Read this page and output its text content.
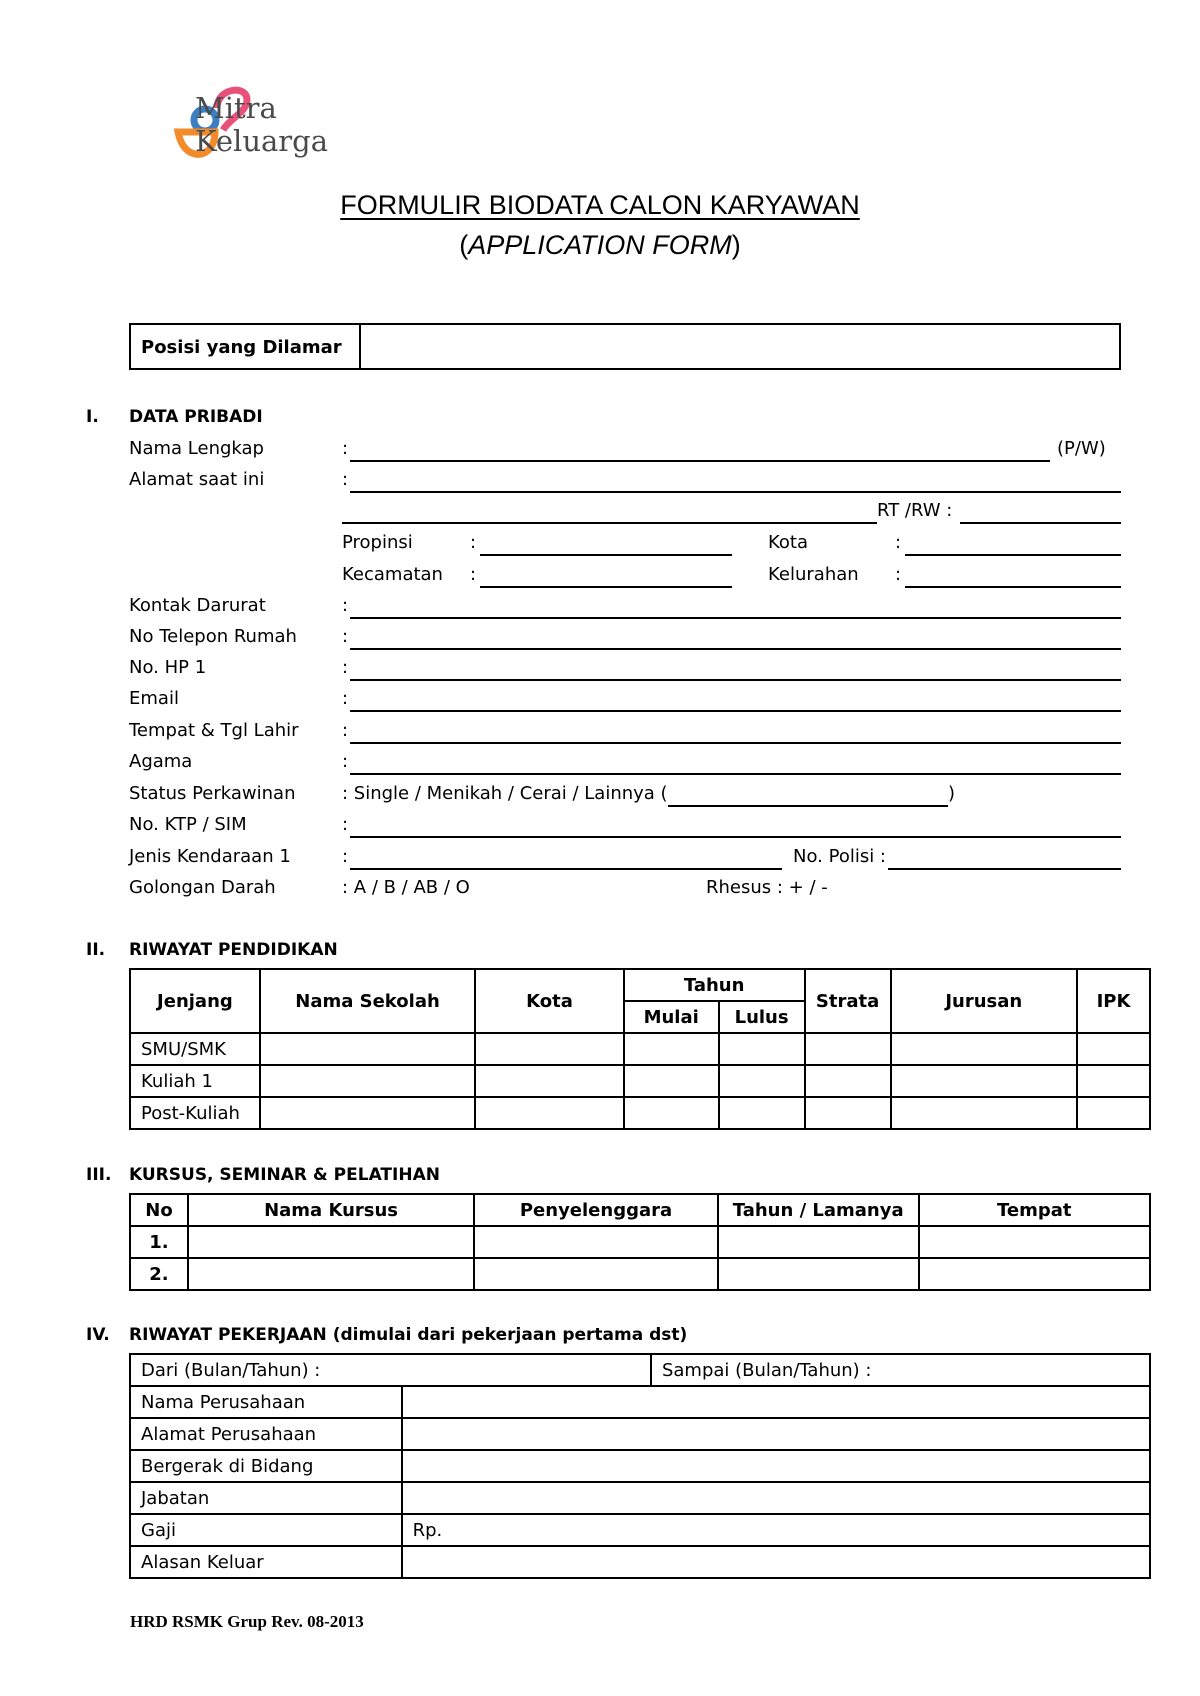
Mitra
Keluarga
FORMULIR BIODATA CALON KARYAWAN
(APPLICATION FORM)
Posisi yang Dilamar
I. DATA PRIBADI
Nama Lengkap	:	(P/W)
Alamat saat ini	:
RT /RW :
Propinsi	:	Kota	:
Kecamatan :	Kelurahan :
Kontak Darurat	:
No Telepon Rumah	:
No. HP 1	:
Email	:
Tempat & Tgl Lahir :
Agama	:
Status Perkawinan	: Single / Menikah / Cerai / Lainnya (	)
No. KTP / SIM	:
Jenis Kendaraan 1	:	No. Polisi :
Golongan Darah	: A / B / AB / O	Rhesus : + / -
II. RIWAYAT PENDIDIKAN
Jenjang	Nama Sekolah	Kota	Tahun		Strata	Jurusan	IPK
			Mulai	Lulus			
SMU/SMK							
Kuliah 1							
Post-Kuliah							
III. KURSUS, SEMINAR & PELATIHAN
No	Nama Kursus	Penyelenggara	Tahun / Lamanya	Tempat
1.				
2.				
IV. RIWAYAT PEKERJAAN (dimulai dari pekerjaan pertama dst)
Dari (Bulan/Tahun) :		Sampai (Bulan/Tahun) :
Nama Perusahaan		
Alamat Perusahaan		
Bergerak di Bidang		
Jabatan		
Gaji	Rp.	
Alasan Keluar		
HRD RSMK Grup Rev. 08-2013
